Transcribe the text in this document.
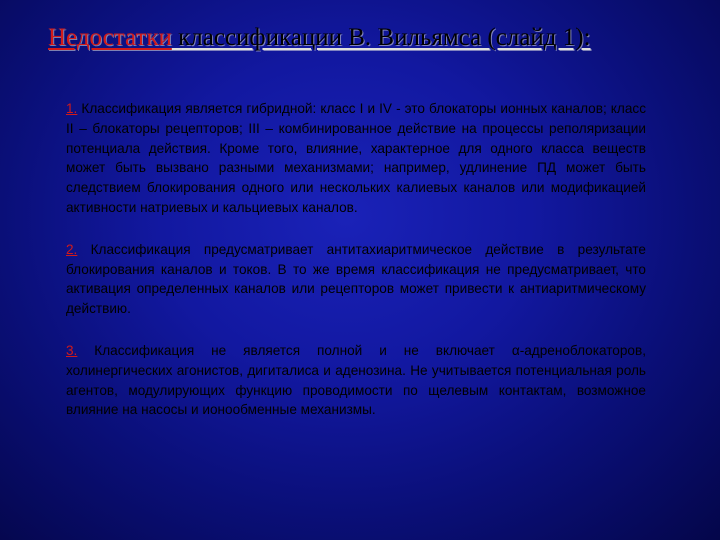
Недостатки классификации В. Вильямса (слайд 1):

1. Классификация является гибридной: класс I и IV - это блокаторы ионных каналов; класс II – блокаторы рецепторов; III – комбинированное действие на процессы реполяризации потенциала действия. Кроме того, влияние, характерное для одного класса веществ может быть вызвано разными механизмами; например, удлинение ПД может быть следствием блокирования одного или нескольких калиевых каналов или модификацией активности натриевых и кальциевых каналов.

2. Классификация предусматривает антитахиаритмическое действие в результате блокирования каналов и токов. В то же время классификация не предусматривает, что активация определенных каналов или рецепторов может привести к антиаритмическому действию.

3. Классификация не является полной и не включает α-адреноблокаторов, холинергических агонистов, дигиталиса и аденозина. Не учитывается потенциальная роль агентов, модулирующих функцию проводимости по щелевым контактам, возможное влияние на насосы и ионообменные механизмы.
